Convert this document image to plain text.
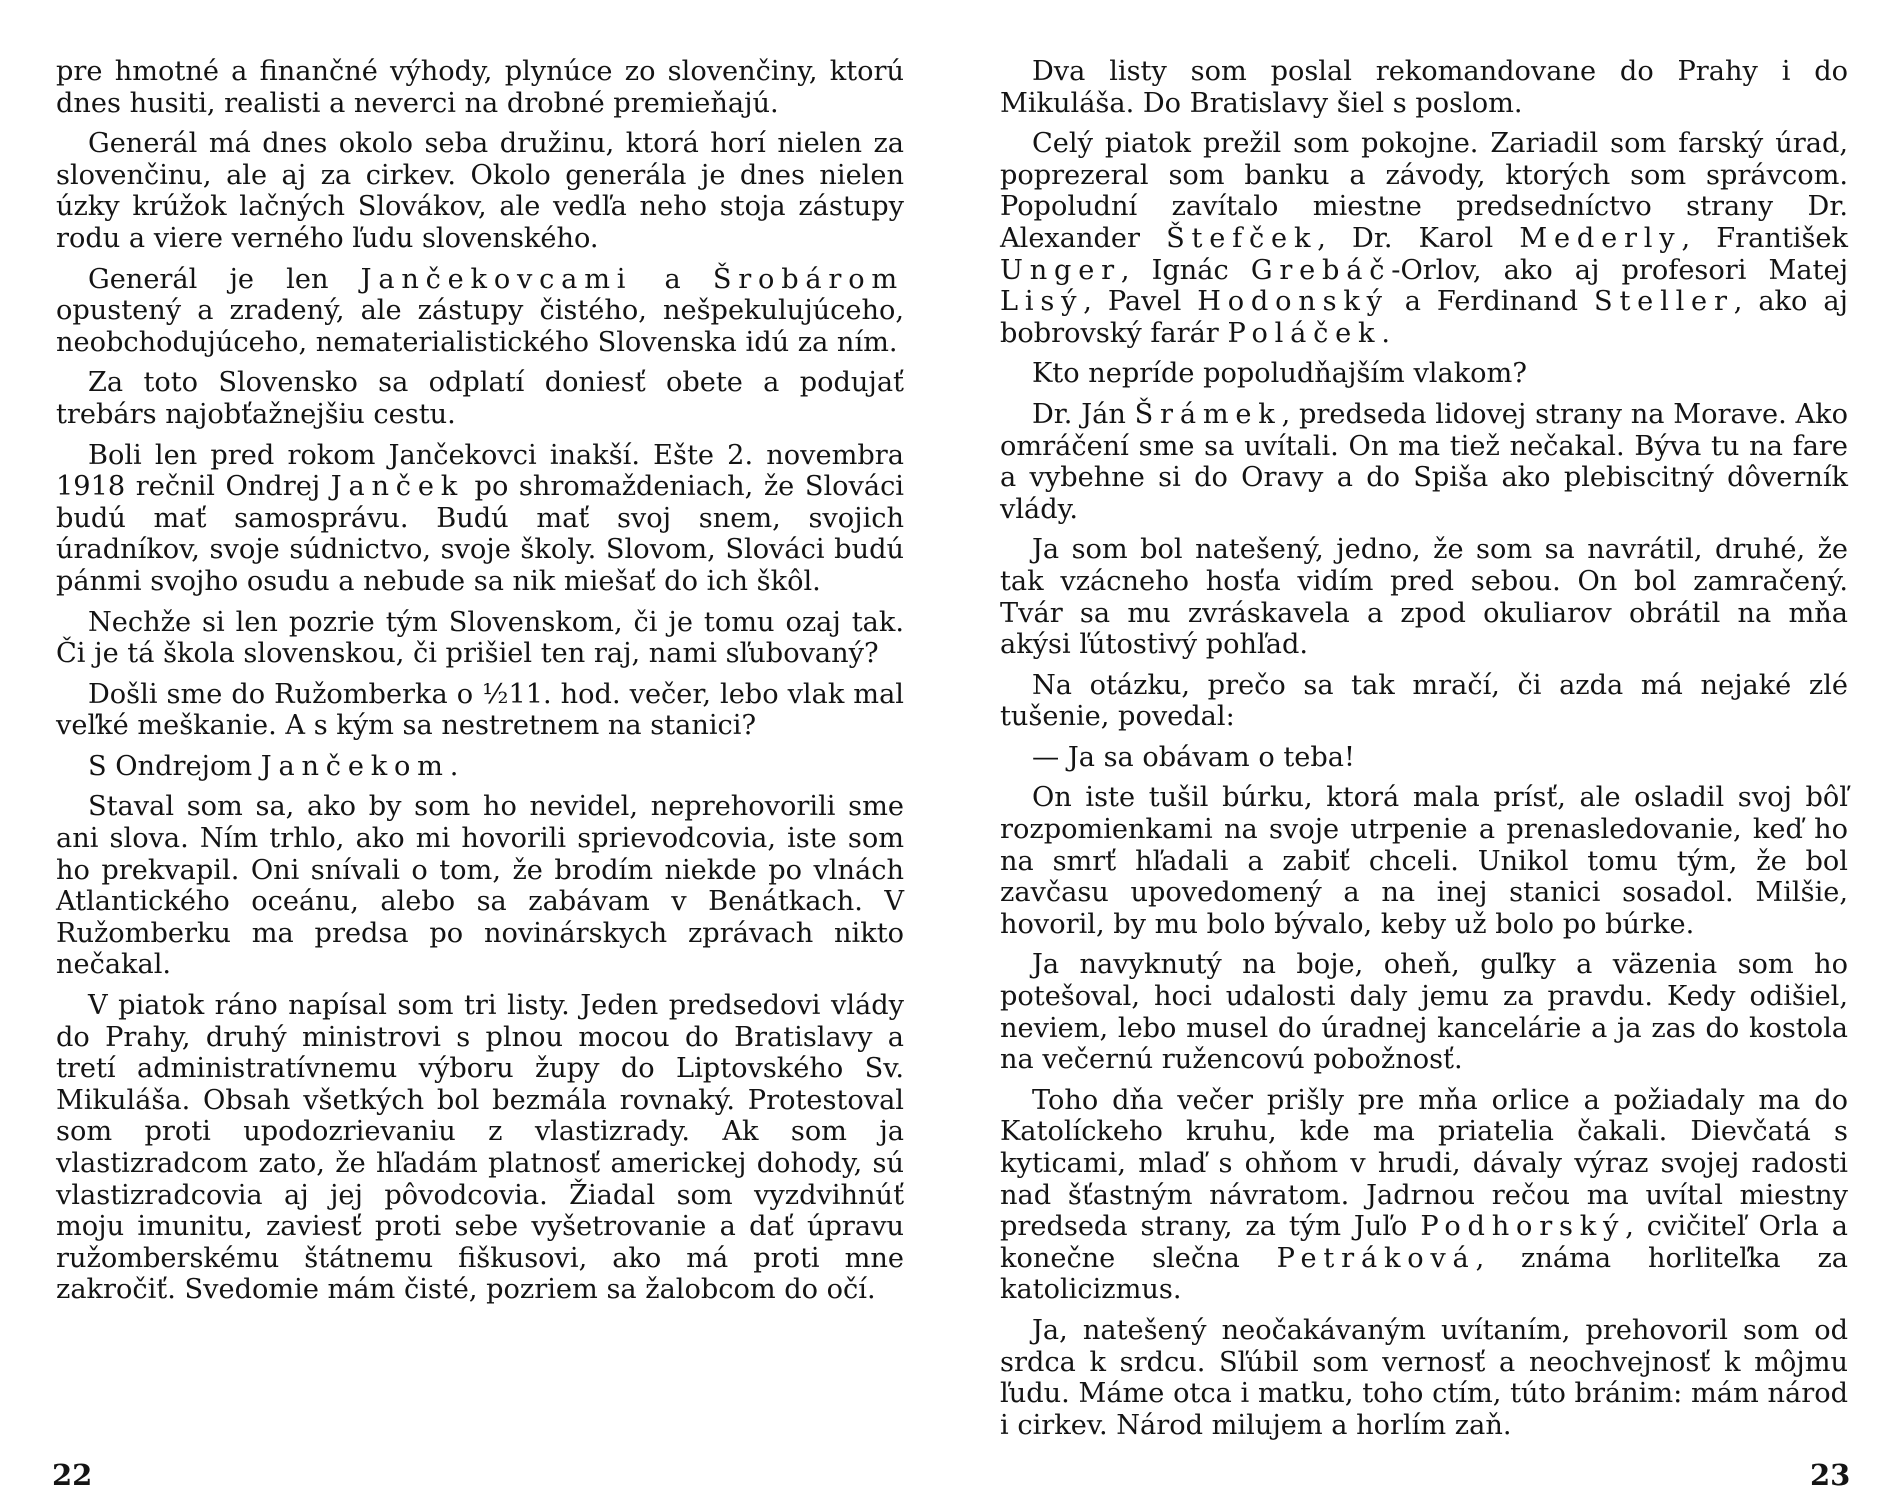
pre hmotné a finančné výhody, plynúce zo slovenčiny, ktorú dnes husiti, realisti a neverci na drobné premieňajú.

Generál má dnes okolo seba družinu, ktorá horí nielen za slovenčinu, ale aj za cirkev. Okolo generála je dnes nielen úzky krúžok lačných Slovákov, ale vedľa neho stoja zástupy rodu a viere verného ľudu slovenského.

Generál je len Jančekovcami a Šrobárom opustený a zradený, ale zástupy čistého, nešpekulujúceho, neobchodujúceho, nematerialistického Slovenska idú za ním.

Za toto Slovensko sa odplatí doniesť obete a podujať trebárs najobťažnejšiu cestu.

Boli len pred rokom Jančekovci inakší. Ešte 2. novembra 1918 rečnil Ondrej Janček po shromaždeniach, že Slováci budú mať samosprávu. Budú mať svoj snem, svojich úradníkov, svoje súdnictvo, svoje školy. Slovom, Slováci budú pánmi svojho osudu a nebude sa nik miešať do ich škôl.

Nechže si len pozrie tým Slovenskom, či je tomu ozaj tak. Či je tá škola slovenskou, či prišiel ten raj, nami sľubovaný?

Došli sme do Ružomberka o ½11. hod. večer, lebo vlak mal veľké meškanie. A s kým sa nestretnem na stanici?

S Ondrejom Jančekom.

Staval som sa, ako by som ho nevidel, neprehovorili sme ani slova. Ním trhlo, ako mi hovorili sprievodcovia, iste som ho prekvapil. Oni snívali o tom, že brodím niekde po vlnách Atlantického oceánu, alebo sa zabávam v Benátkach. V Ružomberku ma predsa po novinárskych zprávach nikto nečakal.

V piatok ráno napísal som tri listy. Jeden predsedovi vlády do Prahy, druhý ministrovi s plnou mocou do Bratislavy a tretí administratívnemu výboru župy do Liptovského Sv. Mikuláša. Obsah všetkých bol bezmála rovnaký. Protestoval som proti upodozrievaniu z vlastizrady. Ak som ja vlastizradcom zato, že hľadám platnosť americkej dohody, sú vlastizradcovia aj jej pôvodcovia. Žiadal som vyzdvihnúť moju imunitu, zaviesť proti sebe vyšetrovanie a dať úpravu ružomberskému štátnemu fiškusovi, ako má proti mne zakročiť. Svedomie mám čisté, pozriem sa žalobcom do očí.

Dva listy som poslal rekomandovane do Prahy i do Mikuláša. Do Bratislavy šiel s poslom.

Celý piatok prežil som pokojne. Zariadil som farský úrad, poprezeral som banku a závody, ktorých som správcom. Popoludní zavítalo miestne predsedníctvo strany Dr. Alexander Štefček, Dr. Karol Mederly, František Unger, Ignác Grebáč-Orlov, ako aj profesori Matej Lisý, Pavel Hodonský a Ferdinand Steller, ako aj bobrovský farár Poláček.

Kto nepríde popoludňajším vlakom?

Dr. Ján Šrámek, predseda lidovej strany na Morave. Ako omráčení sme sa uvítali. On ma tiež nečakal. Býva tu na fare a vybehne si do Oravy a do Spiša ako plebiscitný dôverník vlády.

Ja som bol natešený, jedno, že som sa navrátil, druhé, že tak vzácneho hosťa vidím pred sebou. On bol zamračený. Tvár sa mu zvráskavela a zpod okuliarov obrátil na mňa akýsi ľútostivý pohľad.

Na otázku, prečo sa tak mračí, či azda má nejaké zlé tušenie, povedal:

— Ja sa obávam o teba!

On iste tušil búrku, ktorá mala prísť, ale osladil svoj bôľ rozpomienkami na svoje utrpenie a prenasledovanie, keď ho na smrť hľadali a zabiť chceli. Unikol tomu tým, že bol zavčasu upovedomený a na inej stanici sosadol. Milšie, hovoril, by mu bolo bývalo, keby už bolo po búrke.

Ja navyknutý na boje, oheň, guľky a väzenia som ho potešoval, hoci udalosti daly jemu za pravdu. Kedy odišiel, neviem, lebo musel do úradnej kancelárie a ja zas do kostola na večernú ružencovú pobožnosť.

Toho dňa večer prišly pre mňa orlice a požiadaly ma do Katolíckeho kruhu, kde ma priatelia čakali. Dievčatá s kyticami, mlaď s ohňom v hrudi, dávaly výraz svojej radosti nad šťastným návratom. Jadrnou rečou ma uvítal miestny predseda strany, za tým Juľo Podhorský, cvičiteľ Orla a konečne slečna Petráková, známa horliteľka za katolicizmus.

Ja, natešený neočakávaným uvítaním, prehovoril som od srdca k srdcu. Sľúbil som vernosť a neochvejnosť k môjmu ľudu. Máme otca i matku, toho ctím, túto bránim: mám národ i cirkev. Národ milujem a horlím zaň.

22	23
